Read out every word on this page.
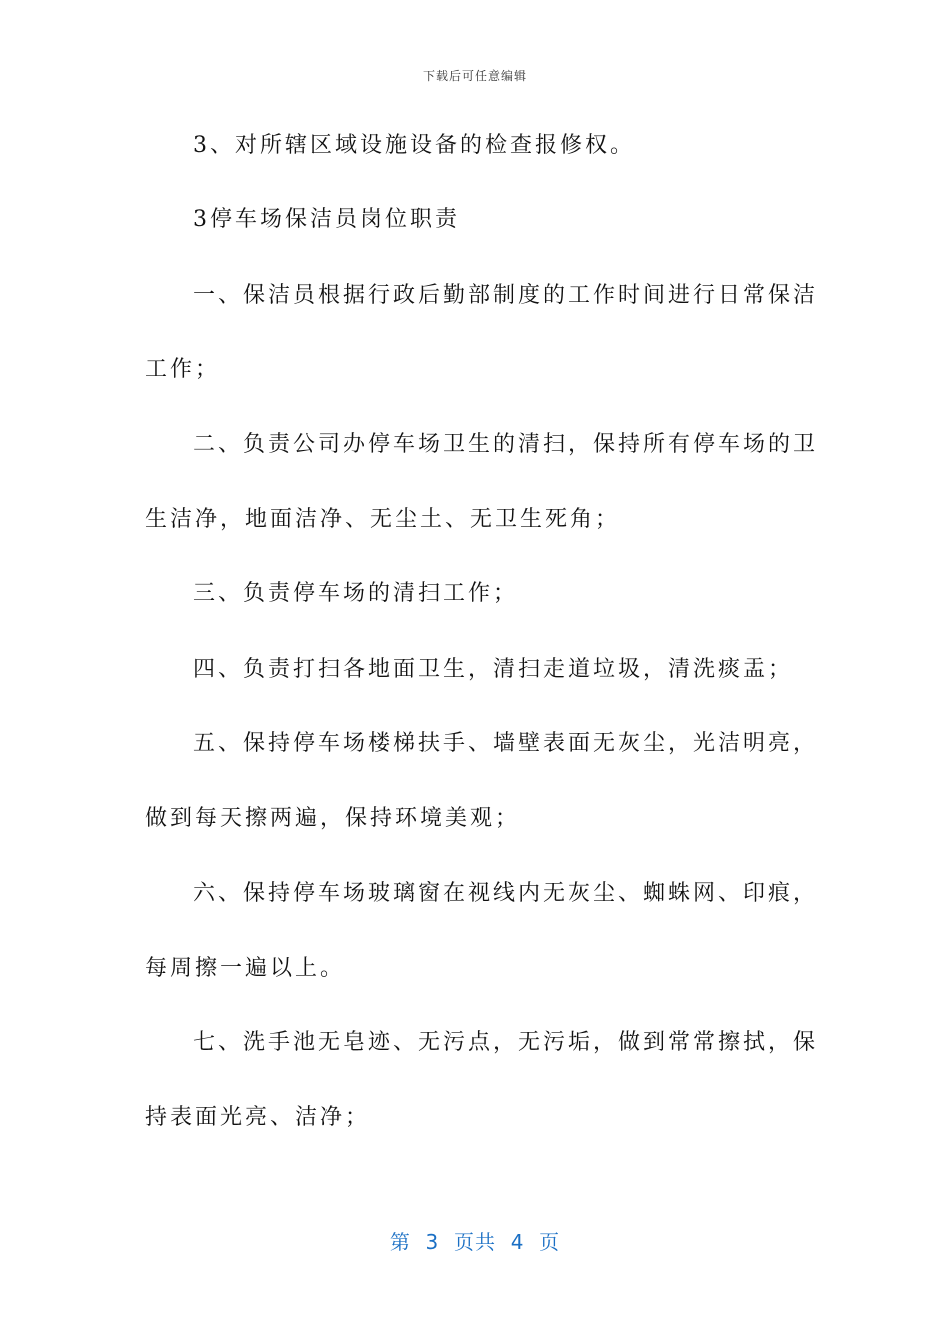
下载后可任意编辑
3、对所辖区域设施设备的检查报修权。
3停车场保洁员岗位职责
一、保洁员根据行政后勤部制度的工作时间进行日常保洁
工作；
二、负责公司办停车场卫生的清扫，保持所有停车场的卫
生洁净，地面洁净、无尘土、无卫生死角；
三、负责停车场的清扫工作；
四、负责打扫各地面卫生，清扫走道垃圾，清洗痰盂；
五、保持停车场楼梯扶手、墙壁表面无灰尘，光洁明亮，
做到每天擦两遍，保持环境美观；
六、保持停车场玻璃窗在视线内无灰尘、蜘蛛网、印痕，
每周擦一遍以上。
七、洗手池无皂迹、无污点，无污垢，做到常常擦拭，保
持表面光亮、洁净；
第  3  页共  4  页
